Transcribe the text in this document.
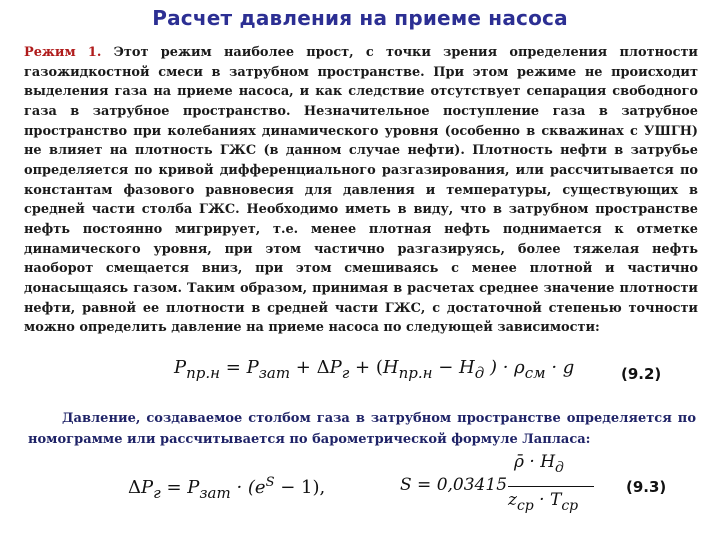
Расчет давления на приеме насоса
Режим 1. Этот режим наиболее прост, с точки зрения определения плотности газожидкостной смеси в затрубном пространстве. При этом режиме не происходит выделения газа на приеме насоса, и как следствие отсутствует сепарация свободного газа в затрубное пространство. Незначительное поступление газа в затрубное пространство при колебаниях динамического уровня (особенно в скважинах с УШГН) не влияет на плотность ГЖС (в данном случае нефти). Плотность нефти в затрубье определяется по кривой дифференциального разгазирования, или рассчитывается по константам фазового равновесия для давления и температуры, существующих в средней части столба ГЖС. Необходимо иметь в виду, что в затрубном пространстве нефть постоянно мигрирует, т.е. менее плотная нефть поднимается к отметке динамического уровня, при этом частично разгазируясь, более тяжелая нефть наоборот смещается вниз, при этом смешиваясь с менее плотной и частично донасыщаясь газом. Таким образом, принимая в расчетах среднее значение плотности нефти, равной ее плотности в средней части ГЖС, с достаточной степенью точности можно определить давление на приеме насоса по следующей зависимости:
$P_{пр.н} = P_{зат} + \Delta P_г + (H_{пр.н} - H_д$ ) · $\rho_{см} \cdot g$	(9.2)
Давление, создаваемое столбом газа в затрубном пространстве определяется по номограмме или рассчитывается по барометрической формуле Лапласа:
$\Delta P_г = P_{зат} \cdot (e^S - 1)$,	S = 0,03415
ρ̄ · $H_д$
$z_{ср} \cdot T_{ср}$
(9.3)
